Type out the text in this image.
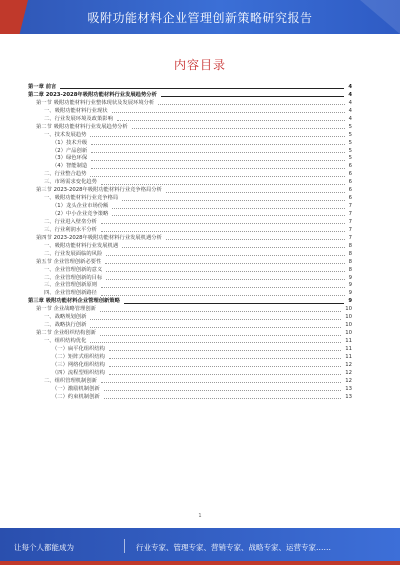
吸附功能材料企业管理创新策略研究报告
内容目录
第一章 前言	4
第二章 2023-2028年吸附功能材料行业发展趋势分析	4
第一节 吸附功能材料行业整体现状及发展环境分析	4
一、吸附功能材料行业现状	4
二、行业发展环境及政策影响	4
第二节 吸附功能材料行业发展趋势分析	5
一、技术发展趋势	5
（1）技术升级	5
（2）产品创新	5
（3）绿色环保	5
（4）智能制造	6
二、行业整合趋势	6
三、市场需求变化趋势	6
第三节 2023-2028年吸附功能材料行业竞争格局分析	6
一、吸附功能材料行业竞争格局	6
（1）龙头企业市场份额	7
（2）中小企业竞争策略	7
二、行业进入壁垒分析	7
三、行业利润水平分析	7
第四节 2023-2028年吸附功能材料行业发展机遇分析	7
一、吸附功能材料行业发展机遇	8
二、行业发展面临的风险	8
第五节 企业管理创新必要性	8
一、企业管理创新的意义	8
二、企业管理创新的目标	9
三、企业管理创新原则	9
四、企业管理创新路径	9
第三章 吸附功能材料企业管理创新策略	9
第一节 企业战略管理创新	10
一、战略规划创新	10
二、战略执行创新	10
第二节 企业组织结构创新	10
一、组织结构优化	11
（一）扁平化组织结构	11
（二）矩阵式组织结构	11
（三）网络化组织结构	12
（四）流程型组织结构	12
二、组织管理机制创新	12
（一）激励机制创新	13
（二）约束机制创新	13
1
让每个人都能成为	行业专家、管理专家、营销专家、战略专家、运营专家……
